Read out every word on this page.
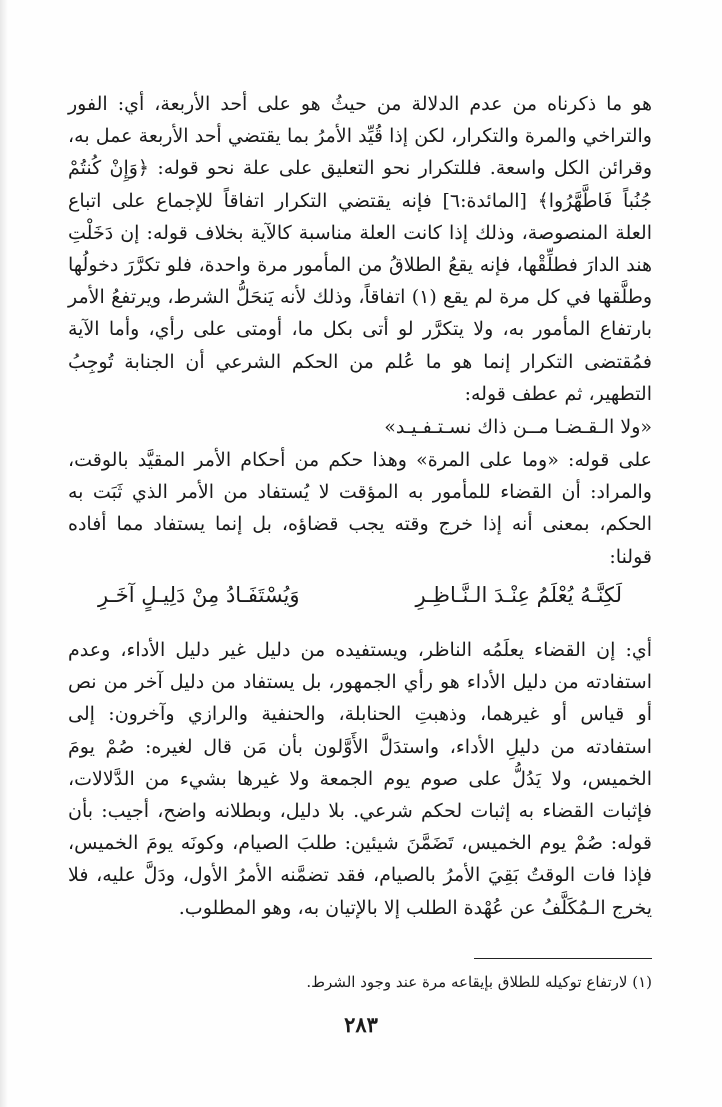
هو ما ذكرناه من عدم الدلالة من حيثُ هو على أحد الأربعة، أي: الفور والتراخي والمرة والتكرار، لكن إذا قُيِّد الأمرُ بما يقتضي أحد الأربعة عمل به، وقرائن الكل واسعة. فللتكرار نحو التعليق على علة نحو قوله: ﴿وَإِنْ كُنتُمْ جُنُباً فَاطَّهَّرُوا﴾ [المائدة:٦] فإنه يقتضي التكرار اتفاقاً للإجماع على اتباع العلة المنصوصة، وذلك إذا كانت العلة مناسبة كالآية بخلاف قوله: إن دَخَلْتِ هند الدارَ فطلِّقْها، فإنه يقعُ الطلاقُ من المأمور مرة واحدة، فلو تكرَّرَ دخولُها وطلَّقها في كل مرة لم يقع (١) اتفاقاً، وذلك لأنه يَنحَلُّ الشرط، ويرتفعُ الأمر بارتفاع المأمور به، ولا يتكرَّر لو أتى بكل ما، أومتى على رأي، وأما الآية فمُقتضى التكرار إنما هو ما عُلم من الحكم الشرعي أن الجنابة تُوجِبُ التطهير، ثم عطف قوله:

«ولا الـقـضـا مــن ذاك نسـتـفـيـد»

على قوله: «وما على المرة» وهذا حكم من أحكام الأمر المقيَّد بالوقت، والمراد: أن القضاء للمأمور به المؤقت لا يُستفاد من الأمر الذي ثَبَت به الحكم، بمعنى أنه إذا خرج وقته يجب قضاؤه، بل إنما يستفاد مما أفاده قولنا:

لَكِنَّـهُ يُعْلَمُ عِنْـدَ الـنَّـاظِـرِ
وَيُسْتَفَـادُ مِنْ دَلِيـلٍ آخَـرِ
أي: إن القضاء يعلَمُه الناظر، ويستفيده من دليل غير دليل الأداء، وعدم استفادته من دليل الأداء هو رأي الجمهور، بل يستفاد من دليل آخر من نص أو قياس أو غيرهما، وذهبتِ الحنابلة، والحنفية والرازي وآخرون: إلى استفادته من دليلِ الأداء، واستدَلَّ الأَوَّلون بأن مَن قال لغيره: صُمْ يومَ الخميس، ولا يَدُلُّ على صوم يوم الجمعة ولا غيرها بشيء من الدَّلالات، فإثبات القضاء به إثبات لحكم شرعي. بلا دليل، وبطلانه واضح، أجيب: بأن قوله: صُمْ يوم الخميس، تَضَمَّنَ شيئين: طلبَ الصيام، وكونَه يومَ الخميس، فإذا فات الوقتُ بَقِيَ الأمرُ بالصيام، فقد تضمَّنه الأمرُ الأول، ودَلَّ عليه، فلا يخرج الـمُكَلَّفُ عن عُهْدة الطلب إلا بالإتيان به، وهو المطلوب.
(١) لارتفاع توكيله للطلاق بإيقاعه مرة عند وجود الشرط.
٢٨٣
